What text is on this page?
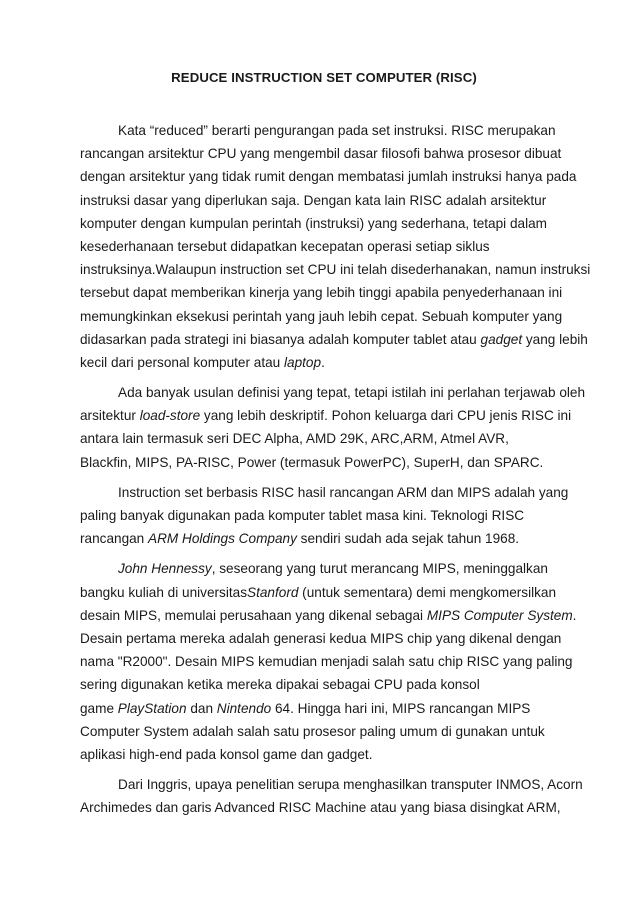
REDUCE INSTRUCTION SET COMPUTER (RISC)
Kata “reduced” berarti pengurangan pada set instruksi. RISC merupakan
rancangan arsitektur CPU yang mengembil dasar filosofi bahwa prosesor dibuat
dengan arsitektur yang tidak rumit dengan membatasi jumlah instruksi hanya pada
instruksi dasar yang diperlukan saja. Dengan kata lain RISC adalah arsitektur
komputer dengan kumpulan perintah (instruksi) yang sederhana, tetapi dalam
kesederhanaan tersebut didapatkan kecepatan operasi setiap siklus
instruksinya.Walaupun instruction set CPU ini telah disederhanakan, namun instruksi
tersebut dapat memberikan kinerja yang lebih tinggi apabila penyederhanaan ini
memungkinkan eksekusi perintah yang jauh lebih cepat. Sebuah komputer yang
didasarkan pada strategi ini biasanya adalah komputer tablet atau gadget yang lebih
kecil dari personal komputer atau laptop.
Ada banyak usulan definisi yang tepat, tetapi istilah ini perlahan terjawab oleh
arsitektur load-store yang lebih deskriptif. Pohon keluarga dari CPU jenis RISC ini
antara lain termasuk seri DEC Alpha, AMD 29K, ARC,ARM, Atmel AVR,
Blackfin, MIPS, PA-RISC, Power (termasuk PowerPC), SuperH, dan SPARC.
Instruction set berbasis RISC hasil rancangan ARM dan MIPS adalah yang
paling banyak digunakan pada komputer tablet masa kini. Teknologi RISC
rancangan ARM Holdings Company sendiri sudah ada sejak tahun 1968.
John Hennessy, seseorang yang turut merancang MIPS, meninggalkan
bangku kuliah di universitasStanford (untuk sementara) demi mengkomersilkan
desain MIPS, memulai perusahaan yang dikenal sebagai MIPS Computer System.
Desain pertama mereka adalah generasi kedua MIPS chip yang dikenal dengan
nama "R2000". Desain MIPS kemudian menjadi salah satu chip RISC yang paling
sering digunakan ketika mereka dipakai sebagai CPU pada konsol
game PlayStation dan Nintendo 64. Hingga hari ini, MIPS rancangan MIPS
Computer System adalah salah satu prosesor paling umum di gunakan untuk
aplikasi high-end pada konsol game dan gadget.
Dari Inggris, upaya penelitian serupa menghasilkan transputer INMOS, Acorn
Archimedes dan garis Advanced RISC Machine atau yang biasa disingkat ARM,
